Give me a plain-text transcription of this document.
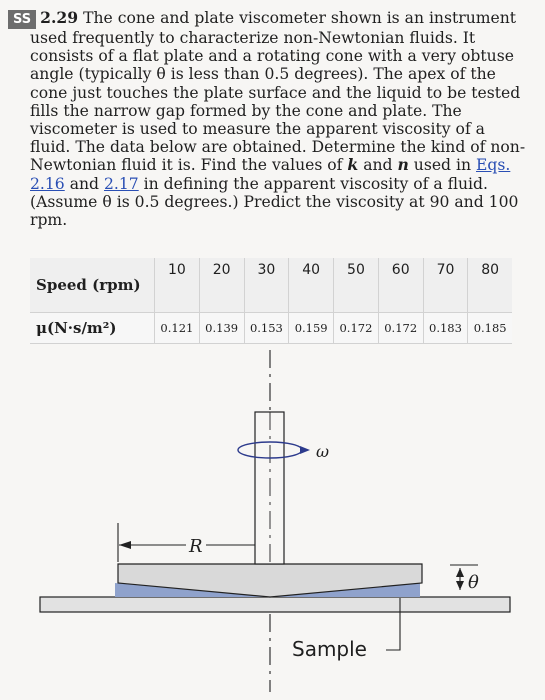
SS 2.29 The cone and plate viscometer shown is an instrument used frequently to characterize non-Newtonian fluids. It consists of a flat plate and a rotating cone with a very obtuse angle (typically θ is less than 0.5 degrees). The apex of the cone just touches the plate surface and the liquid to be tested fills the narrow gap formed by the cone and plate. The viscometer is used to measure the apparent viscosity of a fluid. The data below are obtained. Determine the kind of non-Newtonian fluid it is. Find the values of k and n used in Eqs. 2.16 and 2.17 in defining the apparent viscosity of a fluid. (Assume θ is 0.5 degrees.) Predict the viscosity at 90 and 100 rpm.
Speed (rpm)	10	20	30	40	50	60	70	80
μ(N·s/m²)	0.121	0.139	0.153	0.159	0.172	0.172	0.183	0.185
ω
R
θ
Sample
